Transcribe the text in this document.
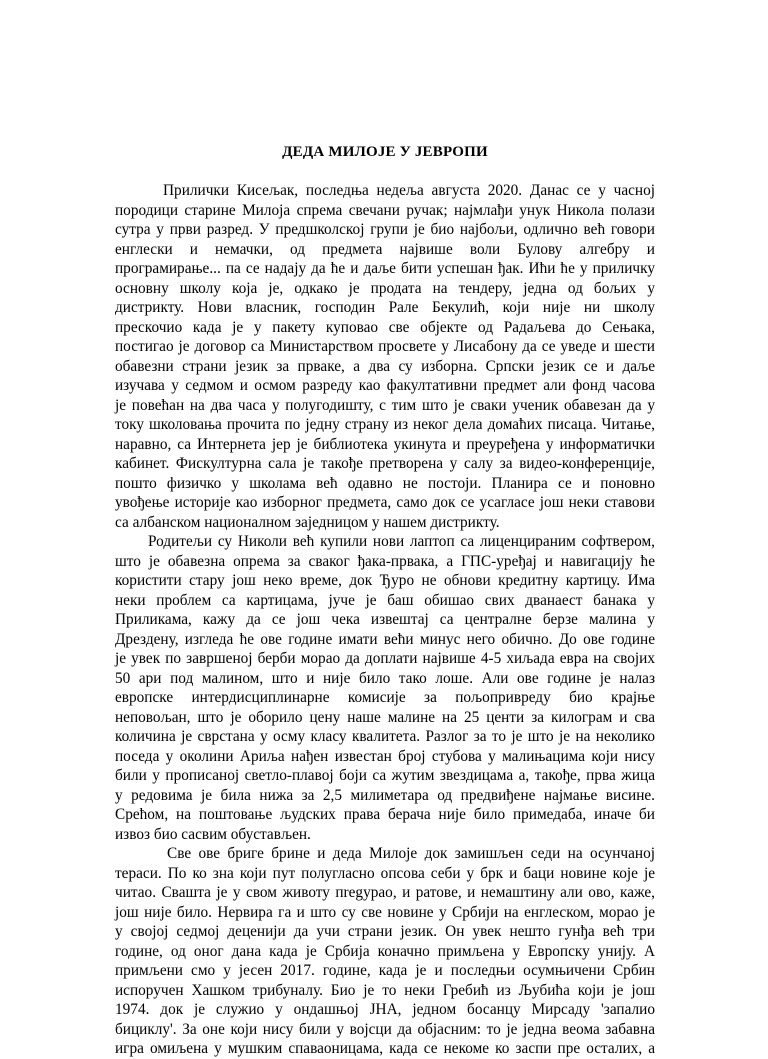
ДЕДА МИЛОЈЕ У ЈЕВРОПИ
Прилички Кисељак, последња недеља августа 2020. Данас се у часној
породици старине Милоја спрема свечани ручак; најмлађи унук Никола полази
сутра у први разред. У предшколској групи је био најбољи, одлично већ говори
енглески и немачки, од предмета највише воли Булову алгебру и
програмирање... па се надају да ће и даље бити успешан ђак. Ићи ће у приличку
основну школу која је, одкако је продата на тендеру, једна од бољих у
дистрикту. Нови власник, господин Рале Бекулић, који није ни школу
прескочио када је у пакету куповао све објекте од Радаљева до Сењака,
постигао је договор са Министарством просвете у Лисабону да се уведе и шести
обавезни страни језик за прваке, а два су изборна. Српски језик се и даље
изучава у седмом и осмом разреду као факултативни предмет али фонд часова
је повећан на два часа у полугодишту, с тим што је сваки ученик обавезан да у
току школовања прочита по једну страну из неког дела домаћих писаца. Читање,
наравно, са Интернета јер је библиотека укинута и преуређена у информатички
кабинет. Фискултурна сала је такође претворена у салу за видео-конференције,
пошто физичко у школама већ одавно не постоји. Планира се и поновно
увођење историје као изборног предмета, само док се усагласе још неки ставови
са албанском националном заједницом у нашем дистрикту.
Родитељи су Николи већ купили нови лаптоп са лиценцираним софтвером,
што је обавезна опрема за сваког ђака-првака, а ГПС-уређај и навигацију ће
користити стару још неко време, док Ђуро не обнови кредитну картицу. Има
неки проблем са картицама, јуче је баш обишао свих дванаест банака у
Приликама, кажу да се још чека извештај са централне берзе малина у
Дрездену, изгледа ће ове године имати већи минус него обично. До ове године
је увек по завршеној берби морао да доплати највише 4-5 хиљада евра на својих
50 ари под малином, што и није било тако лоше. Али ове године је налаз
европске интердисциплинарне комисије за пољопривреду био крајње
неповољан, што је оборило цену наше малине на 25 центи за килограм и сва
количина је сврстана у осму класу квалитета. Разлог за то је што је на неколико
поседа у околини Ариља нађен известан број стубова у малињацима који нису
били у прописаној светло-плавој боји са жутим звездицама а, такође, прва жица
у редовима је била нижа за 2,5 милиметара од предвиђене најмање висине.
Срећом, на поштовање људских права берача није било примедаба, иначе би
извоз био сасвим обустављен.
Све ове бриге брине и деда Милоје док замишљен седи на осунчаној
тераси. По ко зна који пут полугласно опсова себи у брк и баци новине које је
читао. Свашта је у свом животу пregурао, и ратове, и немаштину али ово, каже,
још није било. Нервира га и што су све новине у Србији на енглеском, морао је
у својој седмој деценији да учи страни језик. Он увек нешто гунђа већ три
године, од оног дана када је Србија коначно примљена у Европску унију. А
примљени смо у јесен 2017. године, када је и последњи осумњичени Србин
испоручен Хашком трибуналу. Био је то неки Гребић из Љубића који је још
1974. док је служио у ондашњој ЈНА, једном босанцу Мирсаду 'запалио
бициклу'. За оне који нису били у војсци да објасним: то је једна веома забавна
игра омиљена у мушким спаваоницама, када се некоме ко заспи пре осталих, а
